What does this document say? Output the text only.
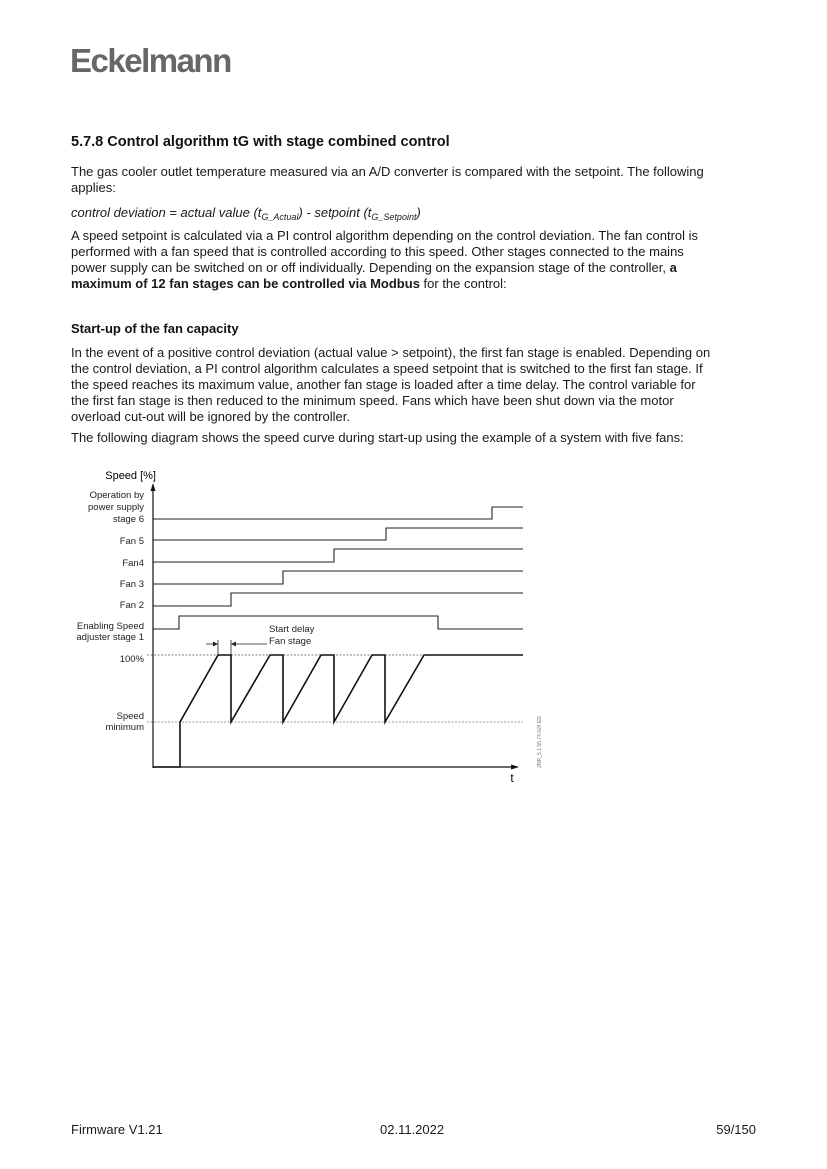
Eckelmann
5.7.8 Control algorithm tG with stage combined control
The gas cooler outlet temperature measured via an A/D converter is compared with the setpoint. The following
applies:
control deviation = actual value $(t_{G\_Actual})$ - setpoint $(t_{G\_Setpoint})$
A speed setpoint is calculated via a PI control algorithm depending on the control deviation. The fan control is
performed with a fan speed that is controlled according to this speed. Other stages connected to the mains
power supply can be switched on or off individually. Depending on the expansion stage of the controller, a
maximum of 12 fan stages can be controlled via Modbus for the control:
Start-up of the fan capacity
In the event of a positive control deviation (actual value > setpoint), the first fan stage is enabled. Depending on
the control deviation, a PI control algorithm calculates a speed setpoint that is switched to the first fan stage. If
the speed reaches its maximum value, another fan stage is loaded after a time delay. The control variable for
the first fan stage is then reduced to the minimum speed. Fans which have been shut down via the motor
overload cut-out will be ignored by the controller.
The following diagram shows the speed curve during start-up using the example of a system with five fans:
Speed [%]
t
Operation by
power supply
stage 6
Fan 5
Fan4
Fan 3
Fan 2
Enabling Speed
adjuster stage 1
100%
Speed
minimum
Start delay
Fan stage
ZNR_5.1.55.74.024 ED
Firmware V1.21	02.11.2022	59/150
